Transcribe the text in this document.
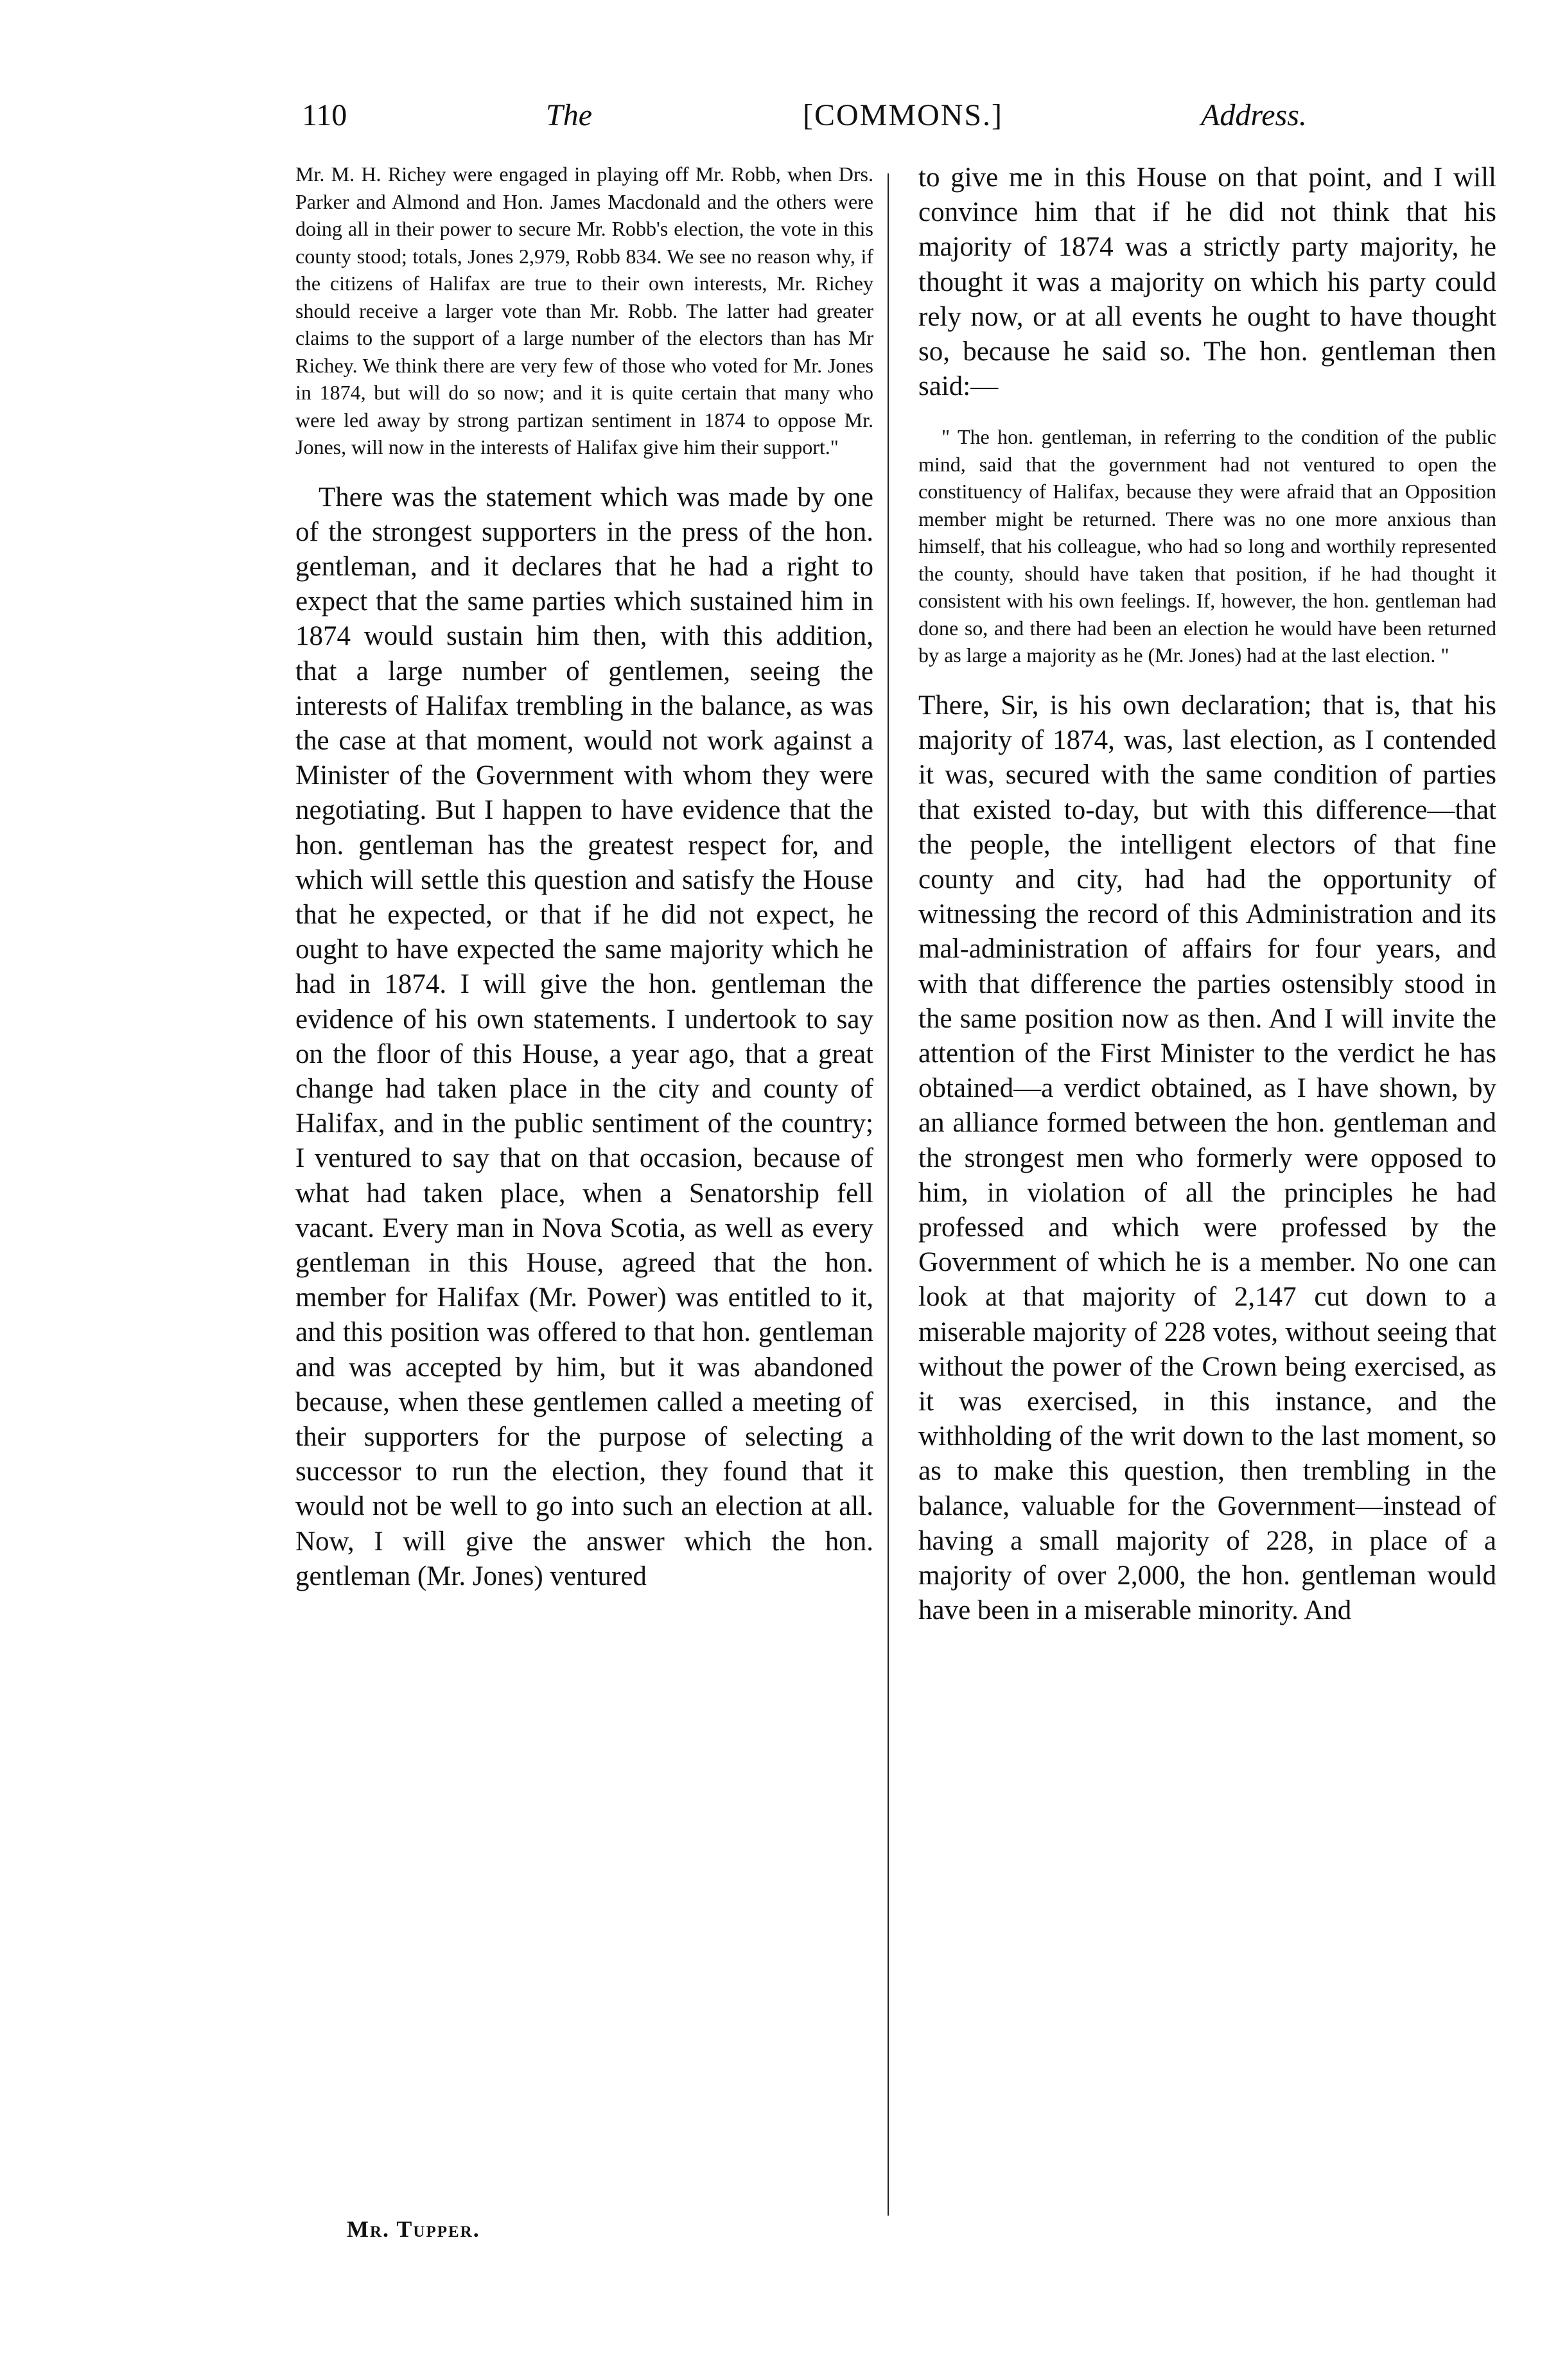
110	The	[COMMONS.]	Address.

Mr. M. H. Richey were engaged in playing off Mr. Robb, when Drs. Parker and Almond and Hon. James Macdonald and the others were doing all in their power to secure Mr. Robb's election, the vote in this county stood; totals, Jones 2,979, Robb 834. We see no reason why, if the citizens of Halifax are true to their own interests, Mr. Richey should receive a larger vote than Mr. Robb. The latter had greater claims to the support of a large number of the electors than has Mr Richey. We think there are very few of those who voted for Mr. Jones in 1874, but will do so now; and it is quite certain that many who were led away by strong partizan sentiment in 1874 to oppose Mr. Jones, will now in the interests of Halifax give him their support."

There was the statement which was made by one of the strongest supporters in the press of the hon. gentleman, and it declares that he had a right to expect that the same parties which sustained him in 1874 would sustain him then, with this addition, that a large number of gentlemen, seeing the interests of Halifax trembling in the balance, as was the case at that moment, would not work against a Minister of the Government with whom they were negotiating. But I happen to have evidence that the hon. gentleman has the greatest respect for, and which will settle this question and satisfy the House that he expected, or that if he did not expect, he ought to have expected the same majority which he had in 1874. I will give the hon. gentleman the evidence of his own statements. I undertook to say on the floor of this House, a year ago, that a great change had taken place in the city and county of Halifax, and in the public sentiment of the country; I ventured to say that on that occasion, because of what had taken place, when a Senatorship fell vacant. Every man in Nova Scotia, as well as every gentleman in this House, agreed that the hon. member for Halifax (Mr. Power) was entitled to it, and this position was offered to that hon. gentleman and was accepted by him, but it was abandoned because, when these gentlemen called a meeting of their supporters for the purpose of selecting a successor to run the election, they found that it would not be well to go into such an election at all. Now, I will give the answer which the hon. gentleman (Mr. Jones) ventured

to give me in this House on that point, and I will convince him that if he did not think that his majority of 1874 was a strictly party majority, he thought it was a majority on which his party could rely now, or at all events he ought to have thought so, because he said so. The hon. gentleman then said:—

" The hon. gentleman, in referring to the condition of the public mind, said that the government had not ventured to open the constituency of Halifax, because they were afraid that an Opposition member might be returned. There was no one more anxious than himself, that his colleague, who had so long and worthily represented the county, should have taken that position, if he had thought it consistent with his own feelings. If, however, the hon. gentleman had done so, and there had been an election he would have been returned by as large a majority as he (Mr. Jones) had at the last election. "

There, Sir, is his own declaration; that is, that his majority of 1874, was, last election, as I contended it was, secured with the same condition of parties that existed to-day, but with this difference—that the people, the intelligent electors of that fine county and city, had had the opportunity of witnessing the record of this Administration and its mal-administration of affairs for four years, and with that difference the parties ostensibly stood in the same position now as then. And I will invite the attention of the First Minister to the verdict he has obtained—a verdict obtained, as I have shown, by an alliance formed between the hon. gentleman and the strongest men who formerly were opposed to him, in violation of all the principles he had professed and which were professed by the Government of which he is a member. No one can look at that majority of 2,147 cut down to a miserable majority of 228 votes, without seeing that without the power of the Crown being exercised, as it was exercised, in this instance, and the withholding of the writ down to the last moment, so as to make this question, then trembling in the balance, valuable for the Government—instead of having a small majority of 228, in place of a majority of over 2,000, the hon. gentleman would have been in a miserable minority. And

Mr. Tupper.
